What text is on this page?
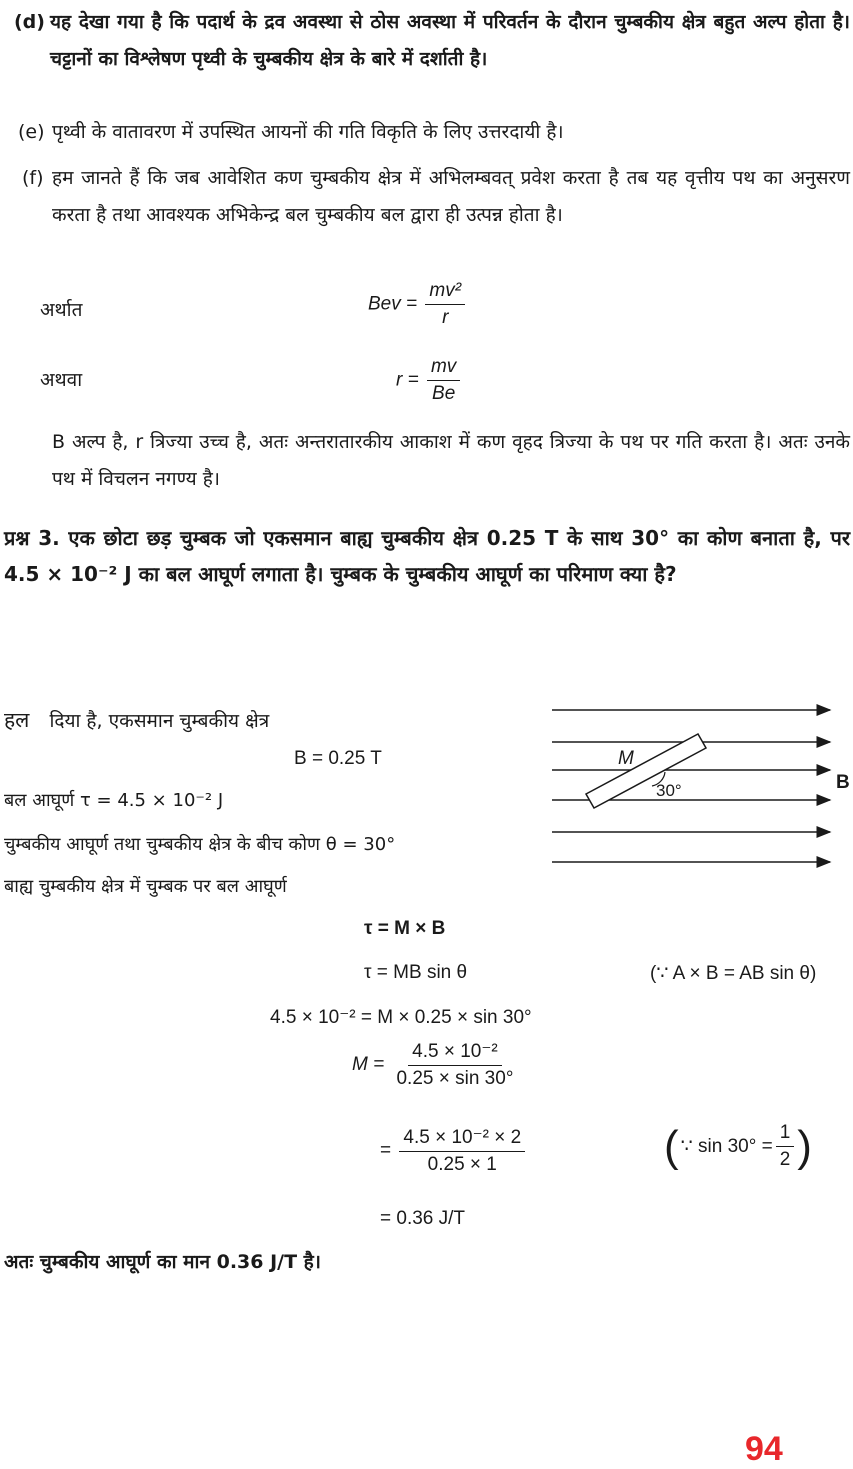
(d) यह देखा गया है कि पदार्थ के द्रव अवस्था से ठोस अवस्था में परिवर्तन के दौरान चुम्बकीय क्षेत्र बहुत अल्प होता है। चट्टानों का विश्लेषण पृथ्वी के चुम्बकीय क्षेत्र के बारे में दर्शाती है।
(e) पृथ्वी के वातावरण में उपस्थित आयनों की गति विकृति के लिए उत्तरदायी है।
(f) हम जानते हैं कि जब आवेशित कण चुम्बकीय क्षेत्र में अभिलम्बवत् प्रवेश करता है तब यह वृत्तीय पथ का अनुसरण करता है तथा आवश्यक अभिकेन्द्र बल चुम्बकीय बल द्वारा ही उत्पन्न होता है।
अर्थात	Bev = $\frac{\text{mv²}}{r}$
अथवा	$r = \frac{mv}{Be}$
B अल्प है, r त्रिज्या उच्च है, अतः अन्तरातारकीय आकाश में कण वृहद त्रिज्या के पथ पर गति करता है। अतः उनके पथ में विचलन नगण्य है।
प्रश्न 3. एक छोटा छड़ चुम्बक जो एकसमान बाह्य चुम्बकीय क्षेत्र 0.25 T के साथ 30° का कोण बनाता है, पर 4.5 × 10⁻² J का बल आघूर्ण लगाता है। चुम्बक के चुम्बकीय आघूर्ण का परिमाण क्या है?
हल दिया है, एकसमान चुम्बकीय क्षेत्र
B = 0.25 T
बल आघूर्ण τ = 4.5 × 10⁻² J
चुम्बकीय आघूर्ण तथा चुम्बकीय क्षेत्र के बीच कोण θ = 30°
बाह्य चुम्बकीय क्षेत्र में चुम्बक पर बल आघूर्ण
τ = M × B
τ = MB sin θ	(∵ A × B = AB sin θ)
4.5 × 10⁻² = M × 0.25 × sin 30°
$M = \frac{\text{4.5 × 10⁻²}}{0.25 \times \sin 30^\circ}$
= $\frac{\text{4.5 × 10⁻² × 2}}{0.25 \times 1}$	( ∵ $\sin 30^\circ = \frac{1}{2}$ )
= 0.36 J/T
अतः चुम्बकीय आघूर्ण का मान 0.36 J/T है।
M
30°	B
94
